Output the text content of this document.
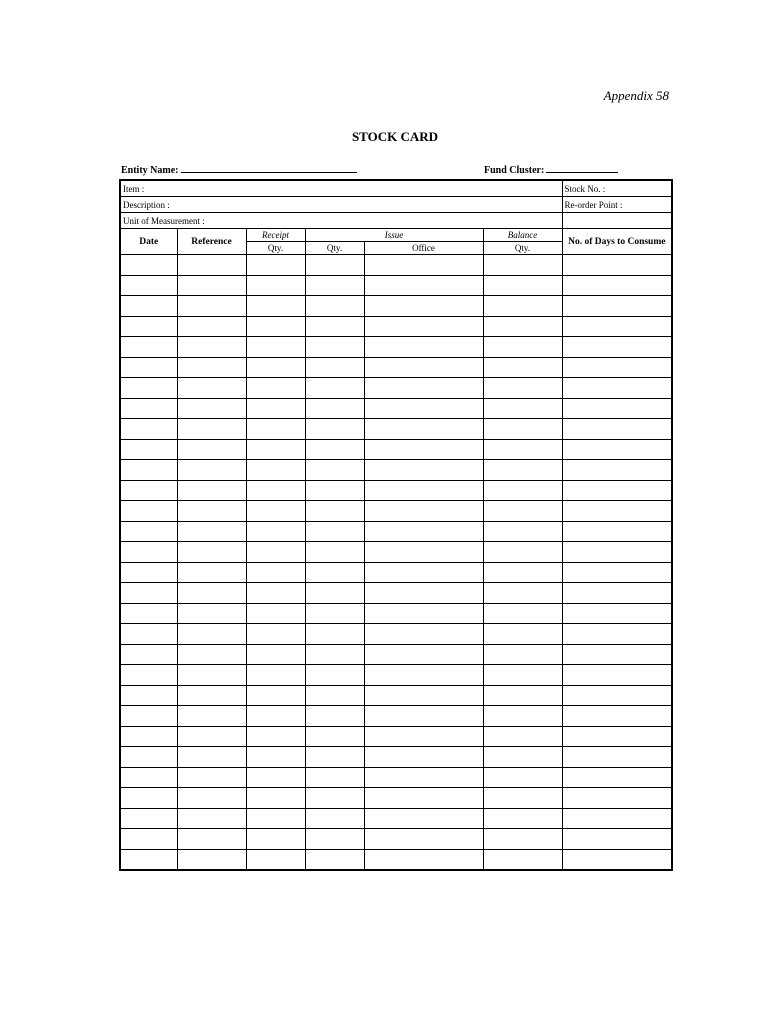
Appendix 58
STOCK CARD
Entity Name:	Fund Cluster:
Item :						Stock No. :
Description :						Re-order Point :
Unit of Measurement :						
Date	Reference	Receipt	Issue		Balance	No. of Days to Consume
		Qty.	Qty.	Office	Qty.	
